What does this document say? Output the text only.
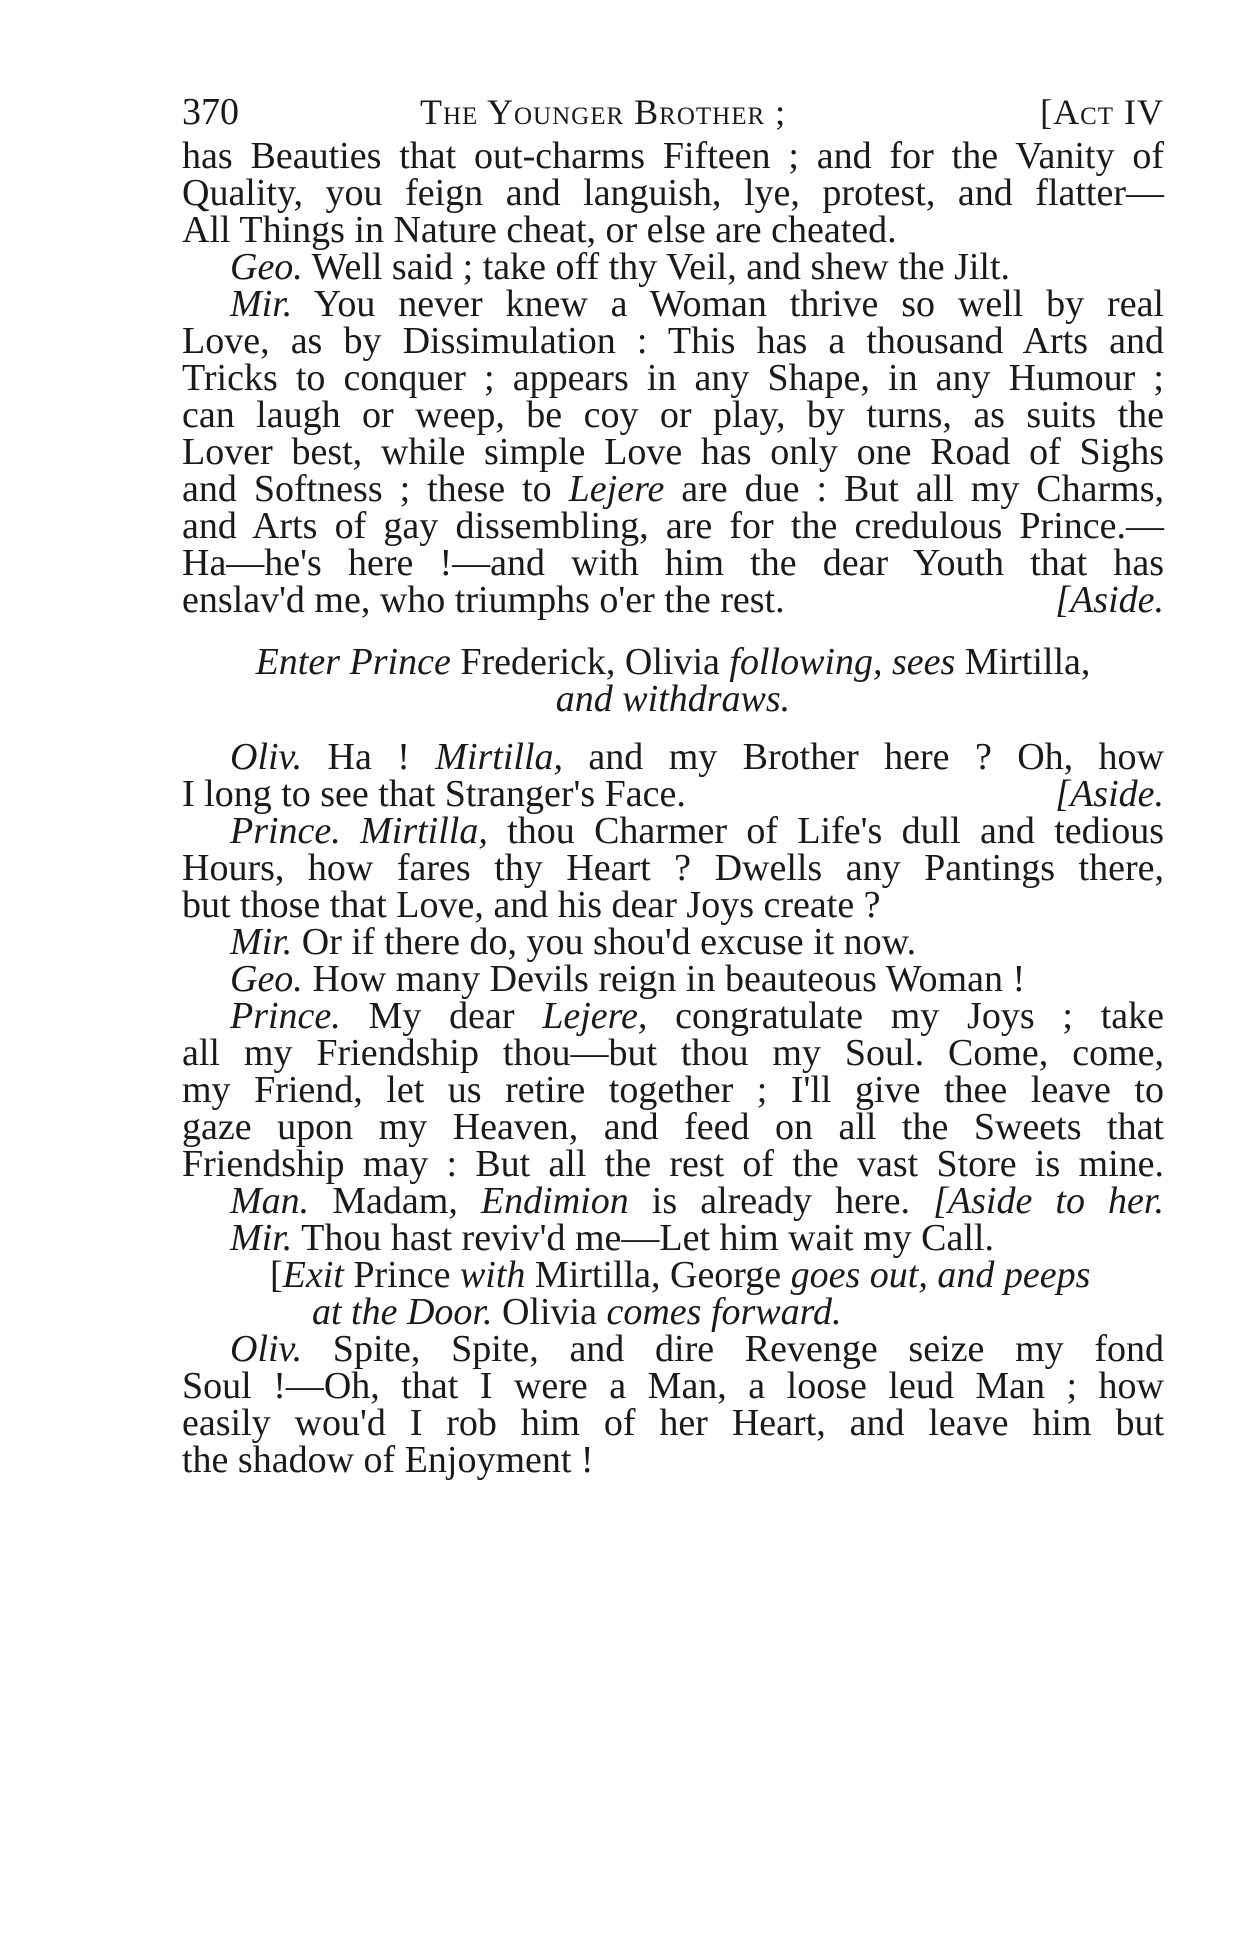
370	The Younger Brother ;	[Act IV
has Beauties that out-charms Fifteen ; and for the Vanity of
Quality, you feign and languish, lye, protest, and flatter—
All Things in Nature cheat, or else are cheated.
Geo. Well said ; take off thy Veil, and shew the Jilt.
Mir. You never knew a Woman thrive so well by real
Love, as by Dissimulation : This has a thousand Arts and
Tricks to conquer ; appears in any Shape, in any Humour ;
can laugh or weep, be coy or play, by turns, as suits the
Lover best, while simple Love has only one Road of Sighs
and Softness ; these to Lejere are due : But all my Charms,
and Arts of gay dissembling, are for the credulous Prince.—
Ha—he's here !—and with him the dear Youth that has
enslav'd me, who triumphs o'er the rest.	[Aside.
Enter Prince Frederick, Olivia following, sees Mirtilla,
and withdraws.
Oliv. Ha ! Mirtilla, and my Brother here ? Oh, how
I long to see that Stranger's Face.	[Aside.
Prince. Mirtilla, thou Charmer of Life's dull and tedious
Hours, how fares thy Heart ? Dwells any Pantings there,
but those that Love, and his dear Joys create ?
Mir. Or if there do, you shou'd excuse it now.
Geo. How many Devils reign in beauteous Woman !
Prince. My dear Lejere, congratulate my Joys ; take
all my Friendship thou—but thou my Soul. Come, come,
my Friend, let us retire together ; I'll give thee leave to
gaze upon my Heaven, and feed on all the Sweets that
Friendship may : But all the rest of the vast Store is mine.
Man. Madam, Endimion is already here. [Aside to her.
Mir. Thou hast reviv'd me—Let him wait my Call.
[Exit Prince with Mirtilla, George goes out, and peeps
at the Door. Olivia comes forward.
Oliv. Spite, Spite, and dire Revenge seize my fond
Soul !—Oh, that I were a Man, a loose leud Man ; how
easily wou'd I rob him of her Heart, and leave him but
the shadow of Enjoyment !
